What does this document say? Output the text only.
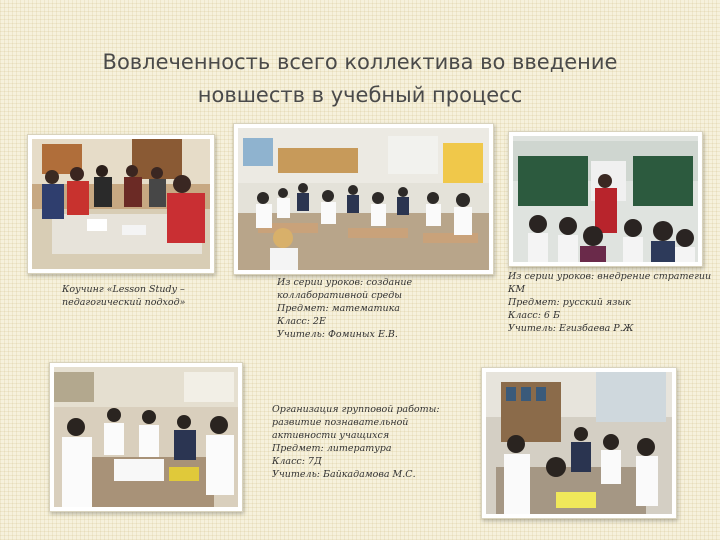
Вовлеченность всего коллектива во введение
новшеств в учебный процесс
Коучинг «Lesson Study –
педагогический подход»
Из серии уроков: создание
коллаборативной среды
Предмет: математика
Класс: 2Е
Учитель: Фоминых Е.В.
Из серии уроков: внедрение стратегии
КМ
Предмет: русский язык
Класс: 6 Б
Учитель: Егизбаева Р.Ж
Организация групповой работы:
развитие познавательной
активности учащихся
Предмет: литература
Класс: 7Д
Учитель: Байкадамова М.С.
